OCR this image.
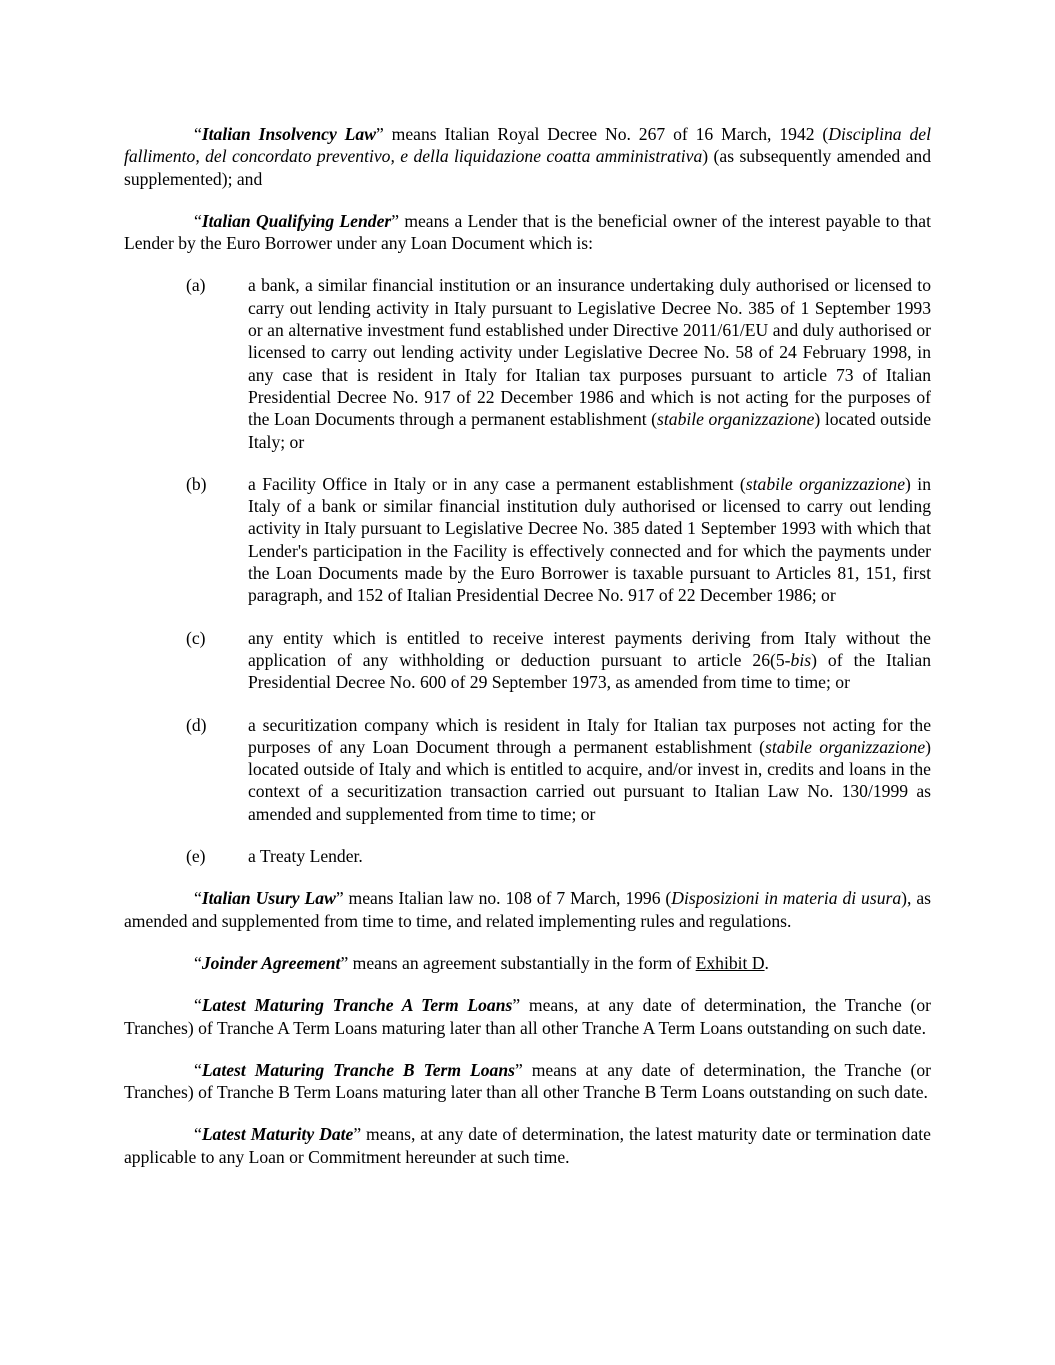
“Italian Insolvency Law” means Italian Royal Decree No. 267 of 16 March, 1942 (Disciplina del fallimento, del concordato preventivo, e della liquidazione coatta amministrativa) (as subsequently amended and supplemented); and

“Italian Qualifying Lender” means a Lender that is the beneficial owner of the interest payable to that Lender by the Euro Borrower under any Loan Document which is:

(a)	a bank, a similar financial institution or an insurance undertaking duly authorised or licensed to carry out lending activity in Italy pursuant to Legislative Decree No. 385 of 1 September 1993 or an alternative investment fund established under Directive 2011/61/EU and duly authorised or licensed to carry out lending activity under Legislative Decree No. 58 of 24 February 1998, in any case that is resident in Italy for Italian tax purposes pursuant to article 73 of Italian Presidential Decree No. 917 of 22 December 1986 and which is not acting for the purposes of the Loan Documents through a permanent establishment (stabile organizzazione) located outside Italy; or
(b)	a Facility Office in Italy or in any case a permanent establishment (stabile organizzazione) in Italy of a bank or similar financial institution duly authorised or licensed to carry out lending activity in Italy pursuant to Legislative Decree No. 385 dated 1 September 1993 with which that Lender's participation in the Facility is effectively connected and for which the payments under the Loan Documents made by the Euro Borrower is taxable pursuant to Articles 81, 151, first paragraph, and 152 of Italian Presidential Decree No. 917 of 22 December 1986; or
(c)	any entity which is entitled to receive interest payments deriving from Italy without the application of any withholding or deduction pursuant to article 26(5-bis) of the Italian Presidential Decree No. 600 of 29 September 1973, as amended from time to time; or
(d)	a securitization company which is resident in Italy for Italian tax purposes not acting for the purposes of any Loan Document through a permanent establishment (stabile organizzazione) located outside of Italy and which is entitled to acquire, and/or invest in, credits and loans in the context of a securitization transaction carried out pursuant to Italian Law No. 130/1999 as amended and supplemented from time to time; or
(e)	a Treaty Lender.

“Italian Usury Law” means Italian law no. 108 of 7 March, 1996 (Disposizioni in materia di usura), as amended and supplemented from time to time, and related implementing rules and regulations.

“Joinder Agreement” means an agreement substantially in the form of Exhibit D.

“Latest Maturing Tranche A Term Loans” means, at any date of determination, the Tranche (or Tranches) of Tranche A Term Loans maturing later than all other Tranche A Term Loans outstanding on such date.

“Latest Maturing Tranche B Term Loans” means at any date of determination, the Tranche (or Tranches) of Tranche B Term Loans maturing later than all other Tranche B Term Loans outstanding on such date.

“Latest Maturity Date” means, at any date of determination, the latest maturity date or termination date applicable to any Loan or Commitment hereunder at such time.
